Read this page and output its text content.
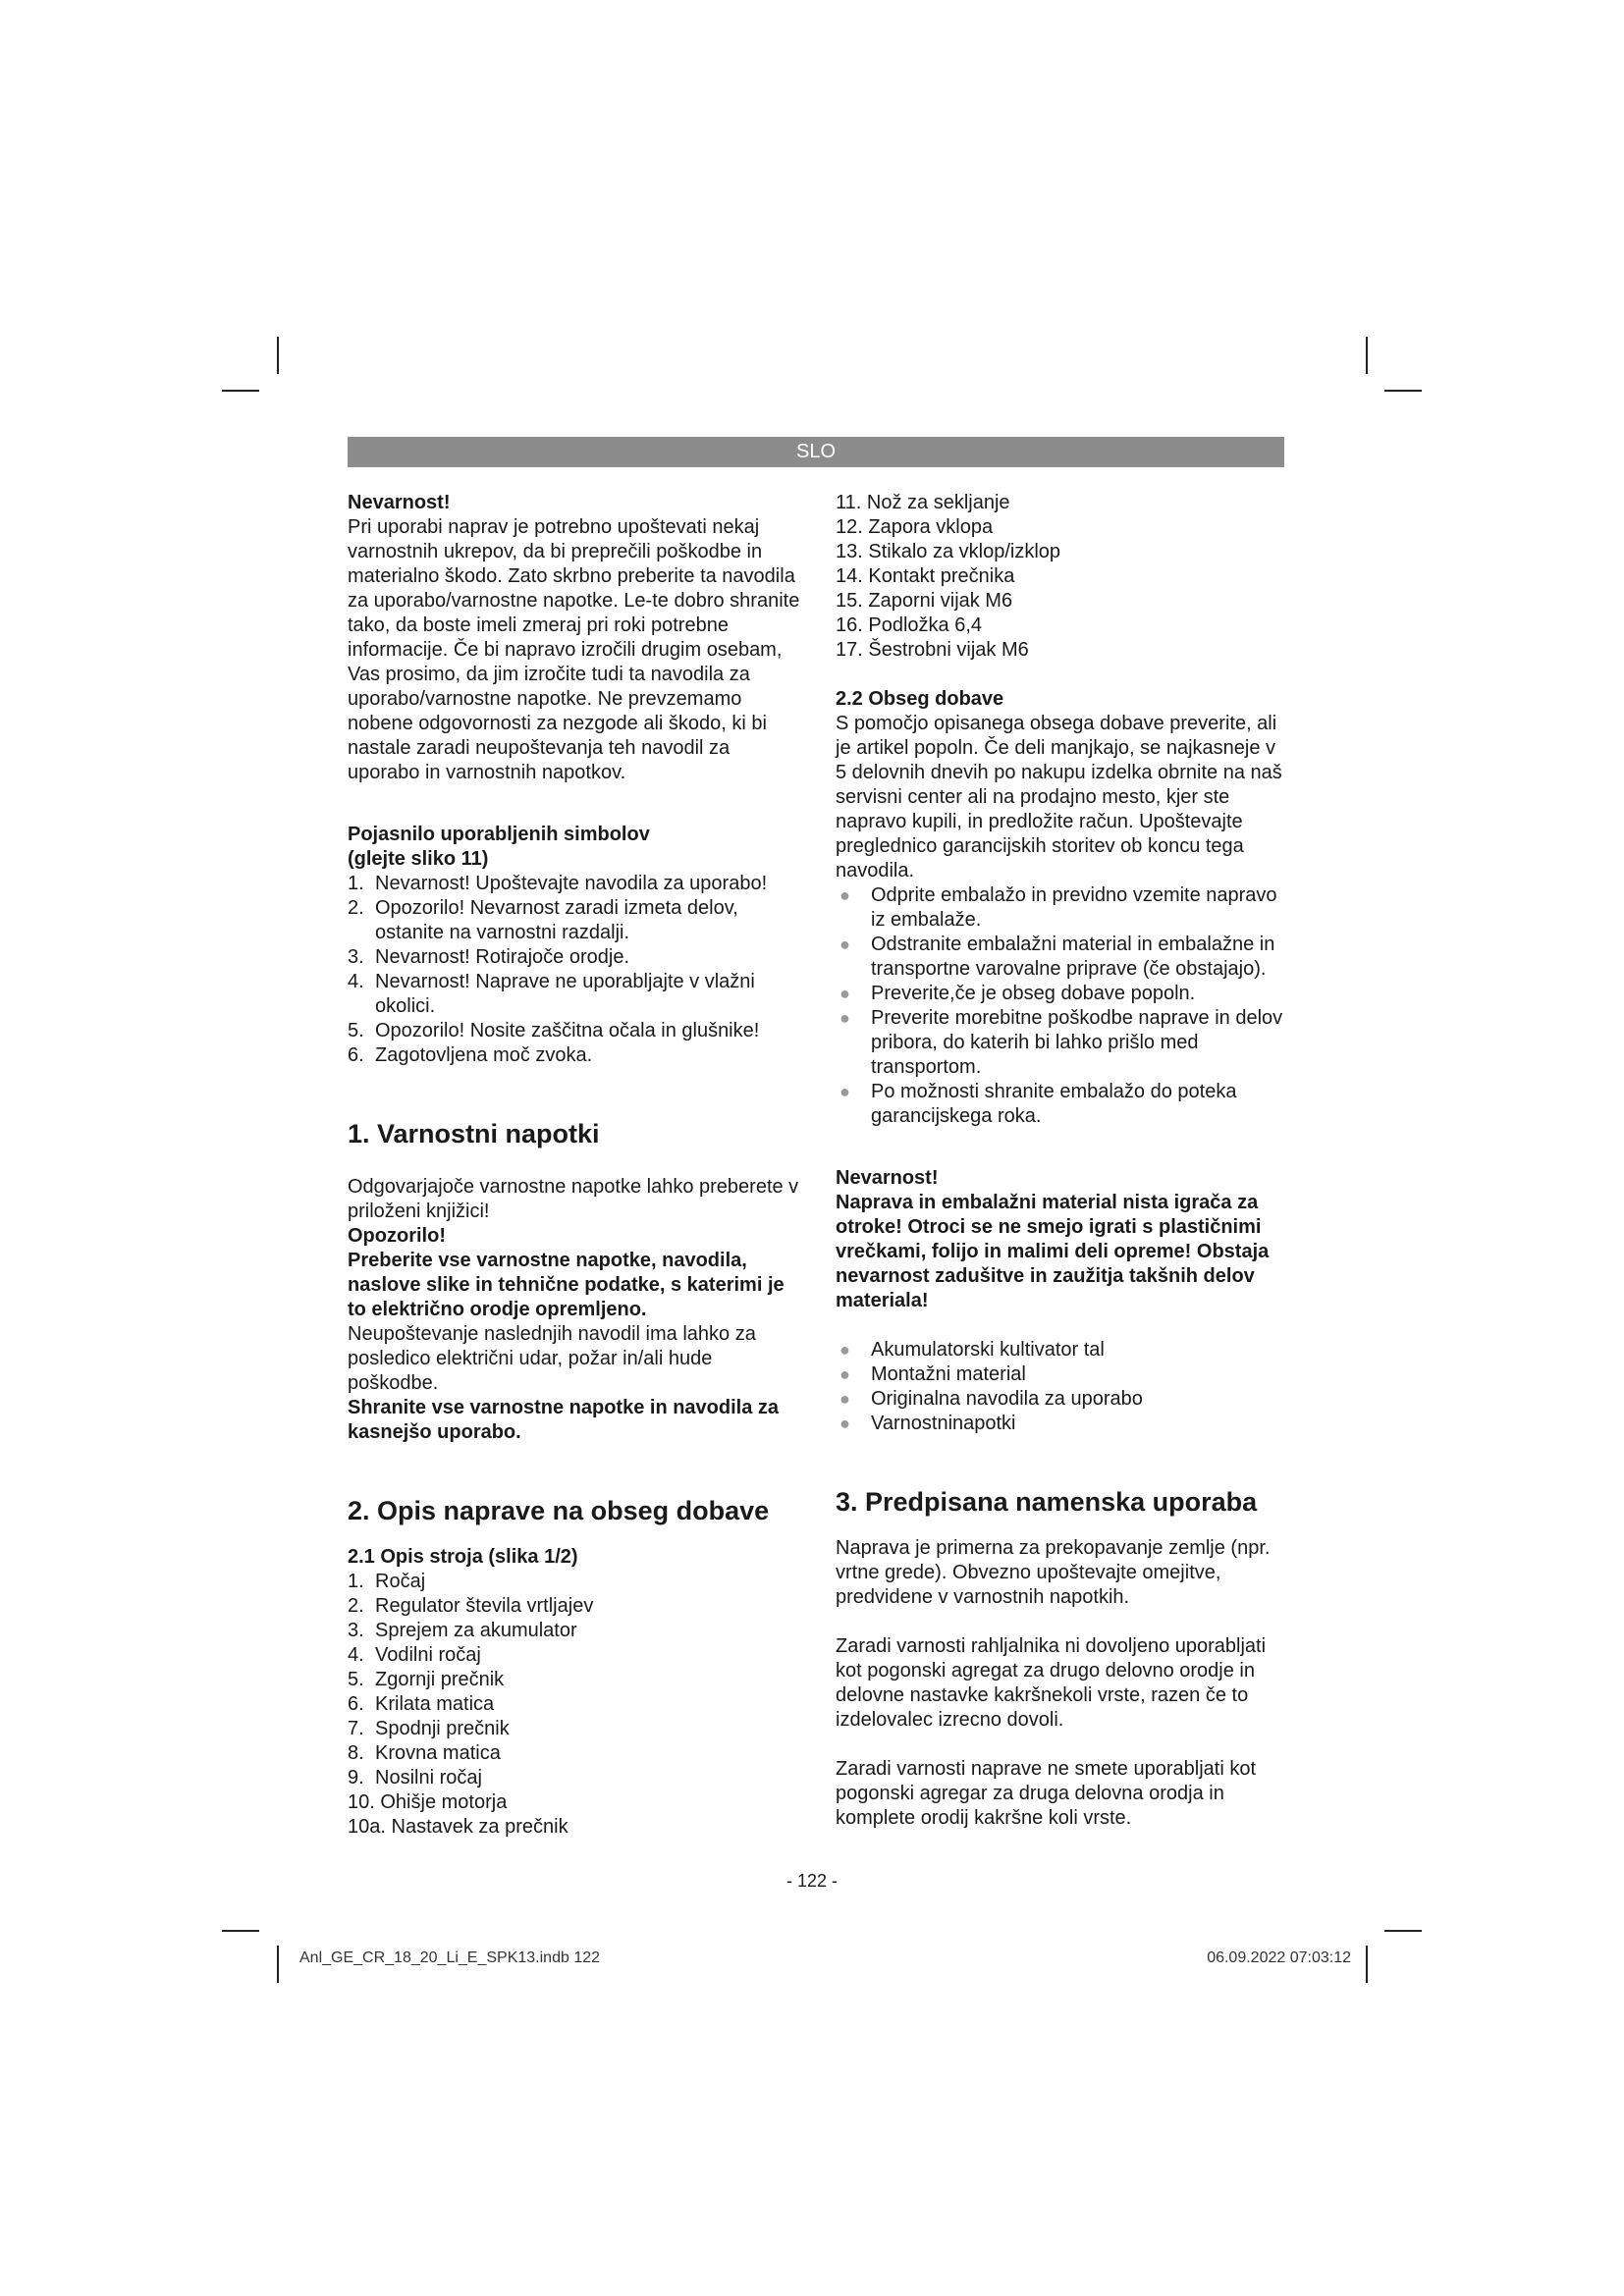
SLO

Nevarnost!

Pri uporabi naprav je potrebno upoštevati nekaj varnostnih ukrepov, da bi preprečili poškodbe in materialno škodo. Zato skrbno preberite ta navodila za uporabo/varnostne napotke. Le-te dobro shranite tako, da boste imeli zmeraj pri roki potrebne informacije. Če bi napravo izročili drugim osebam, Vas prosimo, da jim izročite tudi ta navodila za uporabo/varnostne napotke. Ne prevzemamo nobene odgovornosti za nezgode ali škodo, ki bi nastale zaradi neupoštevanja teh navodil za uporabo in varnostnih napotkov.

Pojasnilo uporabljenih simbolov

(glejte sliko 11)

1. Nevarnost! Upoštevajte navodila za uporabo!
2. Opozorilo! Nevarnost zaradi izmeta delov, ostanite na varnostni razdalji.
3. Nevarnost! Rotirajoče orodje.
4. Nevarnost! Naprave ne uporabljajte v vlažni okolici.
5. Opozorilo! Nosite zaščitna očala in glušnike!
6. Zagotovljena moč zvoka.

1. Varnostni napotki

Odgovarjajoče varnostne napotke lahko preberete v priloženi knjižici!

Opozorilo!

Preberite vse varnostne napotke, navodila, naslove slike in tehnične podatke, s katerimi je to električno orodje opremljeno.

Neupoštevanje naslednjih navodil ima lahko za posledico električni udar, požar in/ali hude poškodbe.

Shranite vse varnostne napotke in navodila za kasnejšo uporabo.

2. Opis naprave na obseg dobave

2.1 Opis stroja (slika 1/2)

1. Ročaj
2. Regulator števila vrtljajev
3. Sprejem za akumulator
4. Vodilni ročaj
5. Zgornji prečnik
6. Krilata matica
7. Spodnji prečnik
8. Krovna matica
9. Nosilni ročaj
10. Ohišje motorja
10a. Nastavek za prečnik
11. Nož za sekljanje
12. Zapora vklopa
13. Stikalo za vklop/izklop
14. Kontakt prečnika
15. Zaporni vijak M6
16. Podložka 6,4
17. Šestrobni vijak M6

2.2 Obseg dobave

S pomočjo opisanega obsega dobave preverite, ali je artikel popoln. Če deli manjkajo, se najkasneje v 5 delovnih dnevih po nakupu izdelka obrnite na naš servisni center ali na prodajno mesto, kjer ste napravo kupili, in predložite račun. Upoštevajte preglednico garancijskih storitev ob koncu tega navodila.

● Odprite embalažo in previdno vzemite napravo iz embalaže.
● Odstranite embalažni material in embalažne in transportne varovalne priprave (če obstajajo).
● Preverite,če je obseg dobave popoln.
● Preverite morebitne poškodbe naprave in delov pribora, do katerih bi lahko prišlo med transportom.
● Po možnosti shranite embalažo do poteka garancijskega roka.

Nevarnost!

Naprava in embalažni material nista igrača za otroke! Otroci se ne smejo igrati s plastičnimi vrečkami, folijo in malimi deli opreme! Obstaja nevarnost zadušitve in zaužitja takšnih delov materiala!

● Akumulatorski kultivator tal
● Montažni material
● Originalna navodila za uporabo
● Varnostninapotki

3. Predpisana namenska uporaba

Naprava je primerna za prekopavanje zemlje (npr. vrtne grede). Obvezno upoštevajte omejitve, predvidene v varnostnih napotkih.

Zaradi varnosti rahljalnika ni dovoljeno uporabljati kot pogonski agregat za drugo delovno orodje in delovne nastavke kakršnekoli vrste, razen če to izdelovalec izrecno dovoli.

Zaradi varnosti naprave ne smete uporabljati kot pogonski agregar za druga delovna orodja in komplete orodij kakršne koli vrste.

- 122 -
Anl_GE_CR_18_20_Li_E_SPK13.indb 122	06.09.2022 07:03:12
